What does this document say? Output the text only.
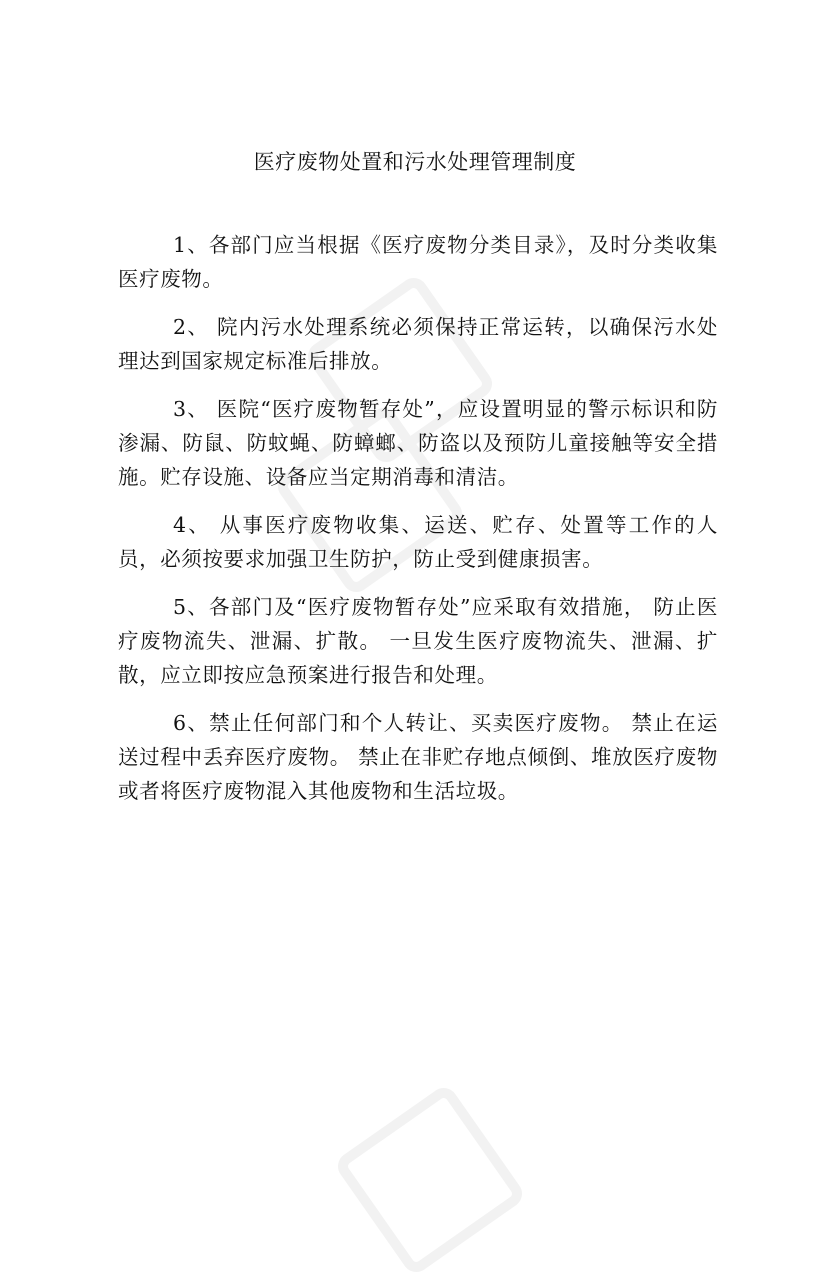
医疗废物处置和污水处理管理制度

1、各部门应当根据《医疗废物分类目录》，及时分类收集医疗废物。

2、 院内污水处理系统必须保持正常运转，以确保污水处理达到国家规定标准后排放。

3、 医院“医疗废物暂存处”，应设置明显的警示标识和防渗漏、防鼠、防蚊蝇、防蟑螂、防盗以及预防儿童接触等安全措施。贮存设施、设备应当定期消毒和清洁。

4、 从事医疗废物收集、运送、贮存、处置等工作的人员，必须按要求加强卫生防护，防止受到健康损害。

5、各部门及“医疗废物暂存处”应采取有效措施， 防止医疗废物流失、泄漏、扩散。 一旦发生医疗废物流失、泄漏、扩散，应立即按应急预案进行报告和处理。

6、禁止任何部门和个人转让、买卖医疗废物。 禁止在运送过程中丢弃医疗废物。 禁止在非贮存地点倾倒、堆放医疗废物或者将医疗废物混入其他废物和生活垃圾。
